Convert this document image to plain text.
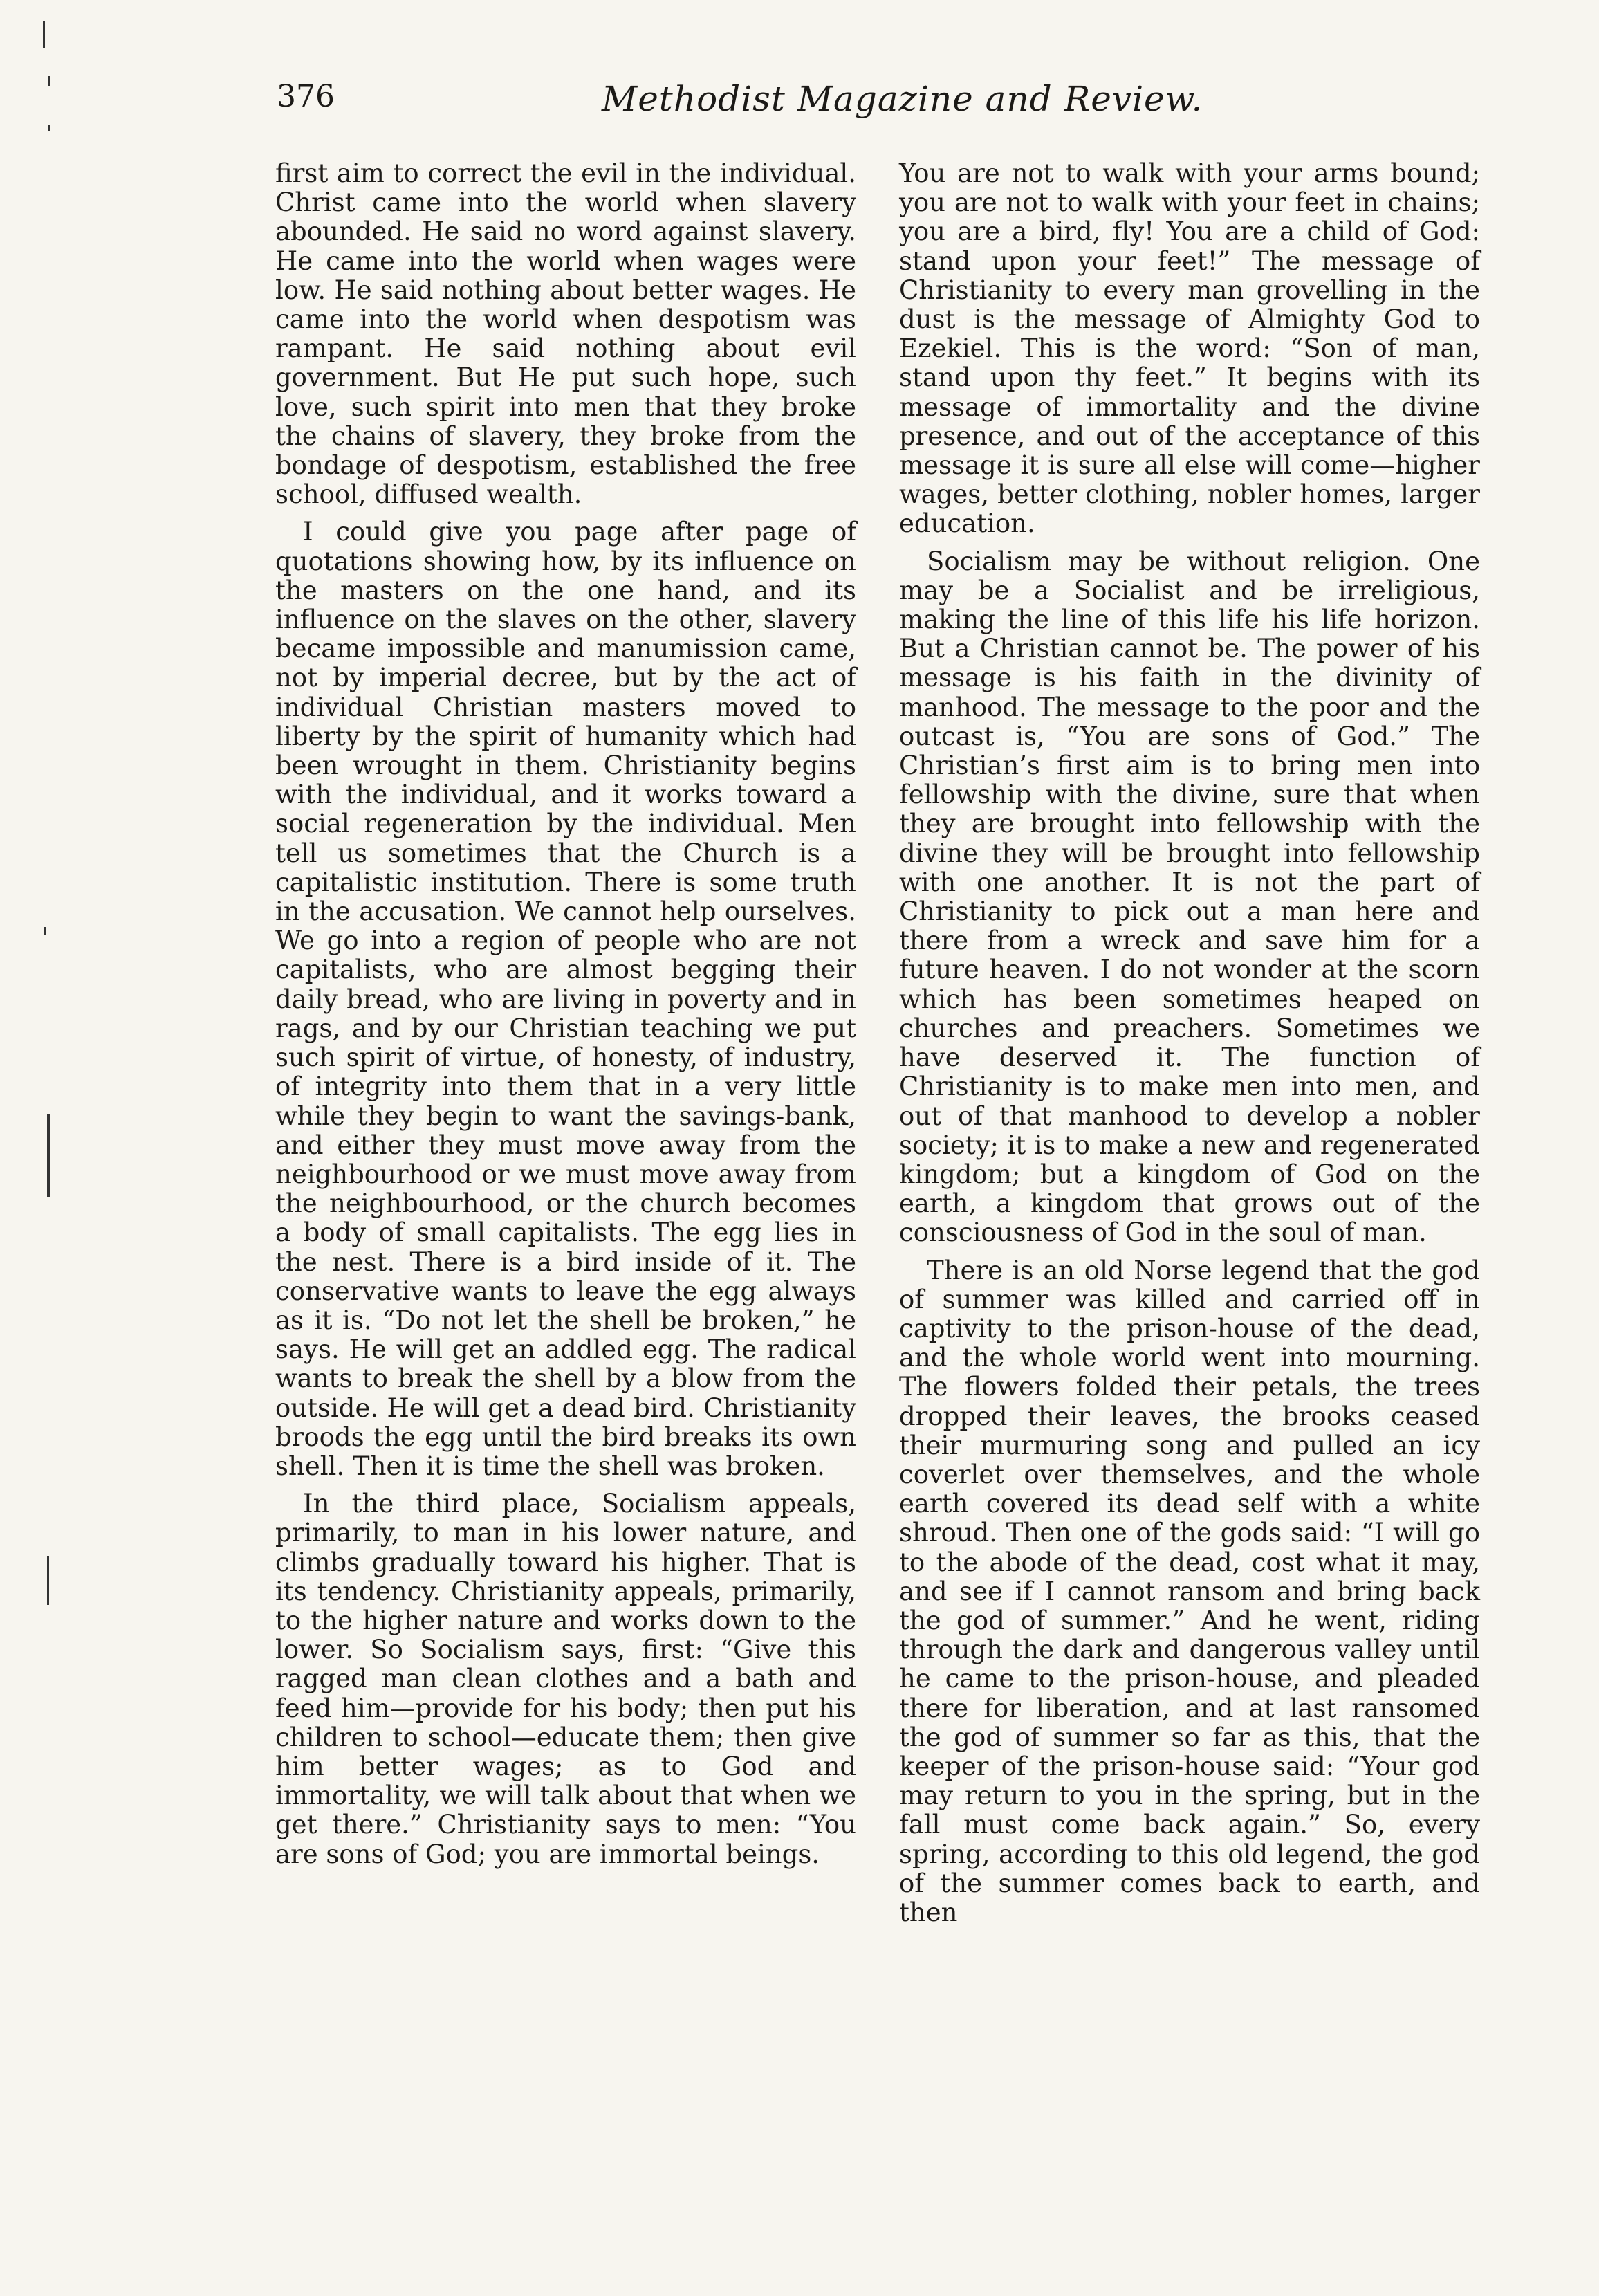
376	Methodist Magazine and Review.

first aim to correct the evil in the individual. Christ came into the world when slavery abounded. He said no word against slavery. He came into the world when wages were low. He said nothing about better wages. He came into the world when despotism was rampant. He said nothing about evil government. But He put such hope, such love, such spirit into men that they broke the chains of slavery, they broke from the bondage of despotism, established the free school, diffused wealth.

I could give you page after page of quotations showing how, by its influence on the masters on the one hand, and its influence on the slaves on the other, slavery became impossible and manumission came, not by imperial decree, but by the act of individual Christian masters moved to liberty by the spirit of humanity which had been wrought in them. Christianity begins with the individual, and it works toward a social regeneration by the individual. Men tell us sometimes that the Church is a capitalistic institution. There is some truth in the accusation. We cannot help ourselves. We go into a region of people who are not capitalists, who are almost begging their daily bread, who are living in poverty and in rags, and by our Christian teaching we put such spirit of virtue, of honesty, of industry, of integrity into them that in a very little while they begin to want the savings-bank, and either they must move away from the neighbourhood or we must move away from the neighbourhood, or the church becomes a body of small capitalists. The egg lies in the nest. There is a bird inside of it. The conservative wants to leave the egg always as it is. “Do not let the shell be broken,” he says. He will get an addled egg. The radical wants to break the shell by a blow from the outside. He will get a dead bird. Christianity broods the egg until the bird breaks its own shell. Then it is time the shell was broken.

In the third place, Socialism appeals, primarily, to man in his lower nature, and climbs gradually toward his higher. That is its tendency. Christianity appeals, primarily, to the higher nature and works down to the lower. So Socialism says, first: “Give this ragged man clean clothes and a bath and feed him—provide for his body; then put his children to school—educate them; then give him better wages; as to God and immortality, we will talk about that when we get there.” Christianity says to men: “You are sons of God; you are immortal beings.

You are not to walk with your arms bound; you are not to walk with your feet in chains; you are a bird, fly! You are a child of God: stand upon your feet!” The message of Christianity to every man grovelling in the dust is the message of Almighty God to Ezekiel. This is the word: “Son of man, stand upon thy feet.” It begins with its message of immortality and the divine presence, and out of the acceptance of this message it is sure all else will come—higher wages, better clothing, nobler homes, larger education.

Socialism may be without religion. One may be a Socialist and be irreligious, making the line of this life his life horizon. But a Christian cannot be. The power of his message is his faith in the divinity of manhood. The message to the poor and the outcast is, “You are sons of God.” The Christian’s first aim is to bring men into fellowship with the divine, sure that when they are brought into fellowship with the divine they will be brought into fellowship with one another. It is not the part of Christianity to pick out a man here and there from a wreck and save him for a future heaven. I do not wonder at the scorn which has been sometimes heaped on churches and preachers. Sometimes we have deserved it. The function of Christianity is to make men into men, and out of that manhood to develop a nobler society; it is to make a new and regenerated kingdom; but a kingdom of God on the earth, a kingdom that grows out of the consciousness of God in the soul of man.

There is an old Norse legend that the god of summer was killed and carried off in captivity to the prison-house of the dead, and the whole world went into mourning. The flowers folded their petals, the trees dropped their leaves, the brooks ceased their murmuring song and pulled an icy coverlet over themselves, and the whole earth covered its dead self with a white shroud. Then one of the gods said: “I will go to the abode of the dead, cost what it may, and see if I cannot ransom and bring back the god of summer.” And he went, riding through the dark and dangerous valley until he came to the prison-house, and pleaded there for liberation, and at last ransomed the god of summer so far as this, that the keeper of the prison-house said: “Your god may return to you in the spring, but in the fall must come back again.” So, every spring, according to this old legend, the god of the summer comes back to earth, and then
